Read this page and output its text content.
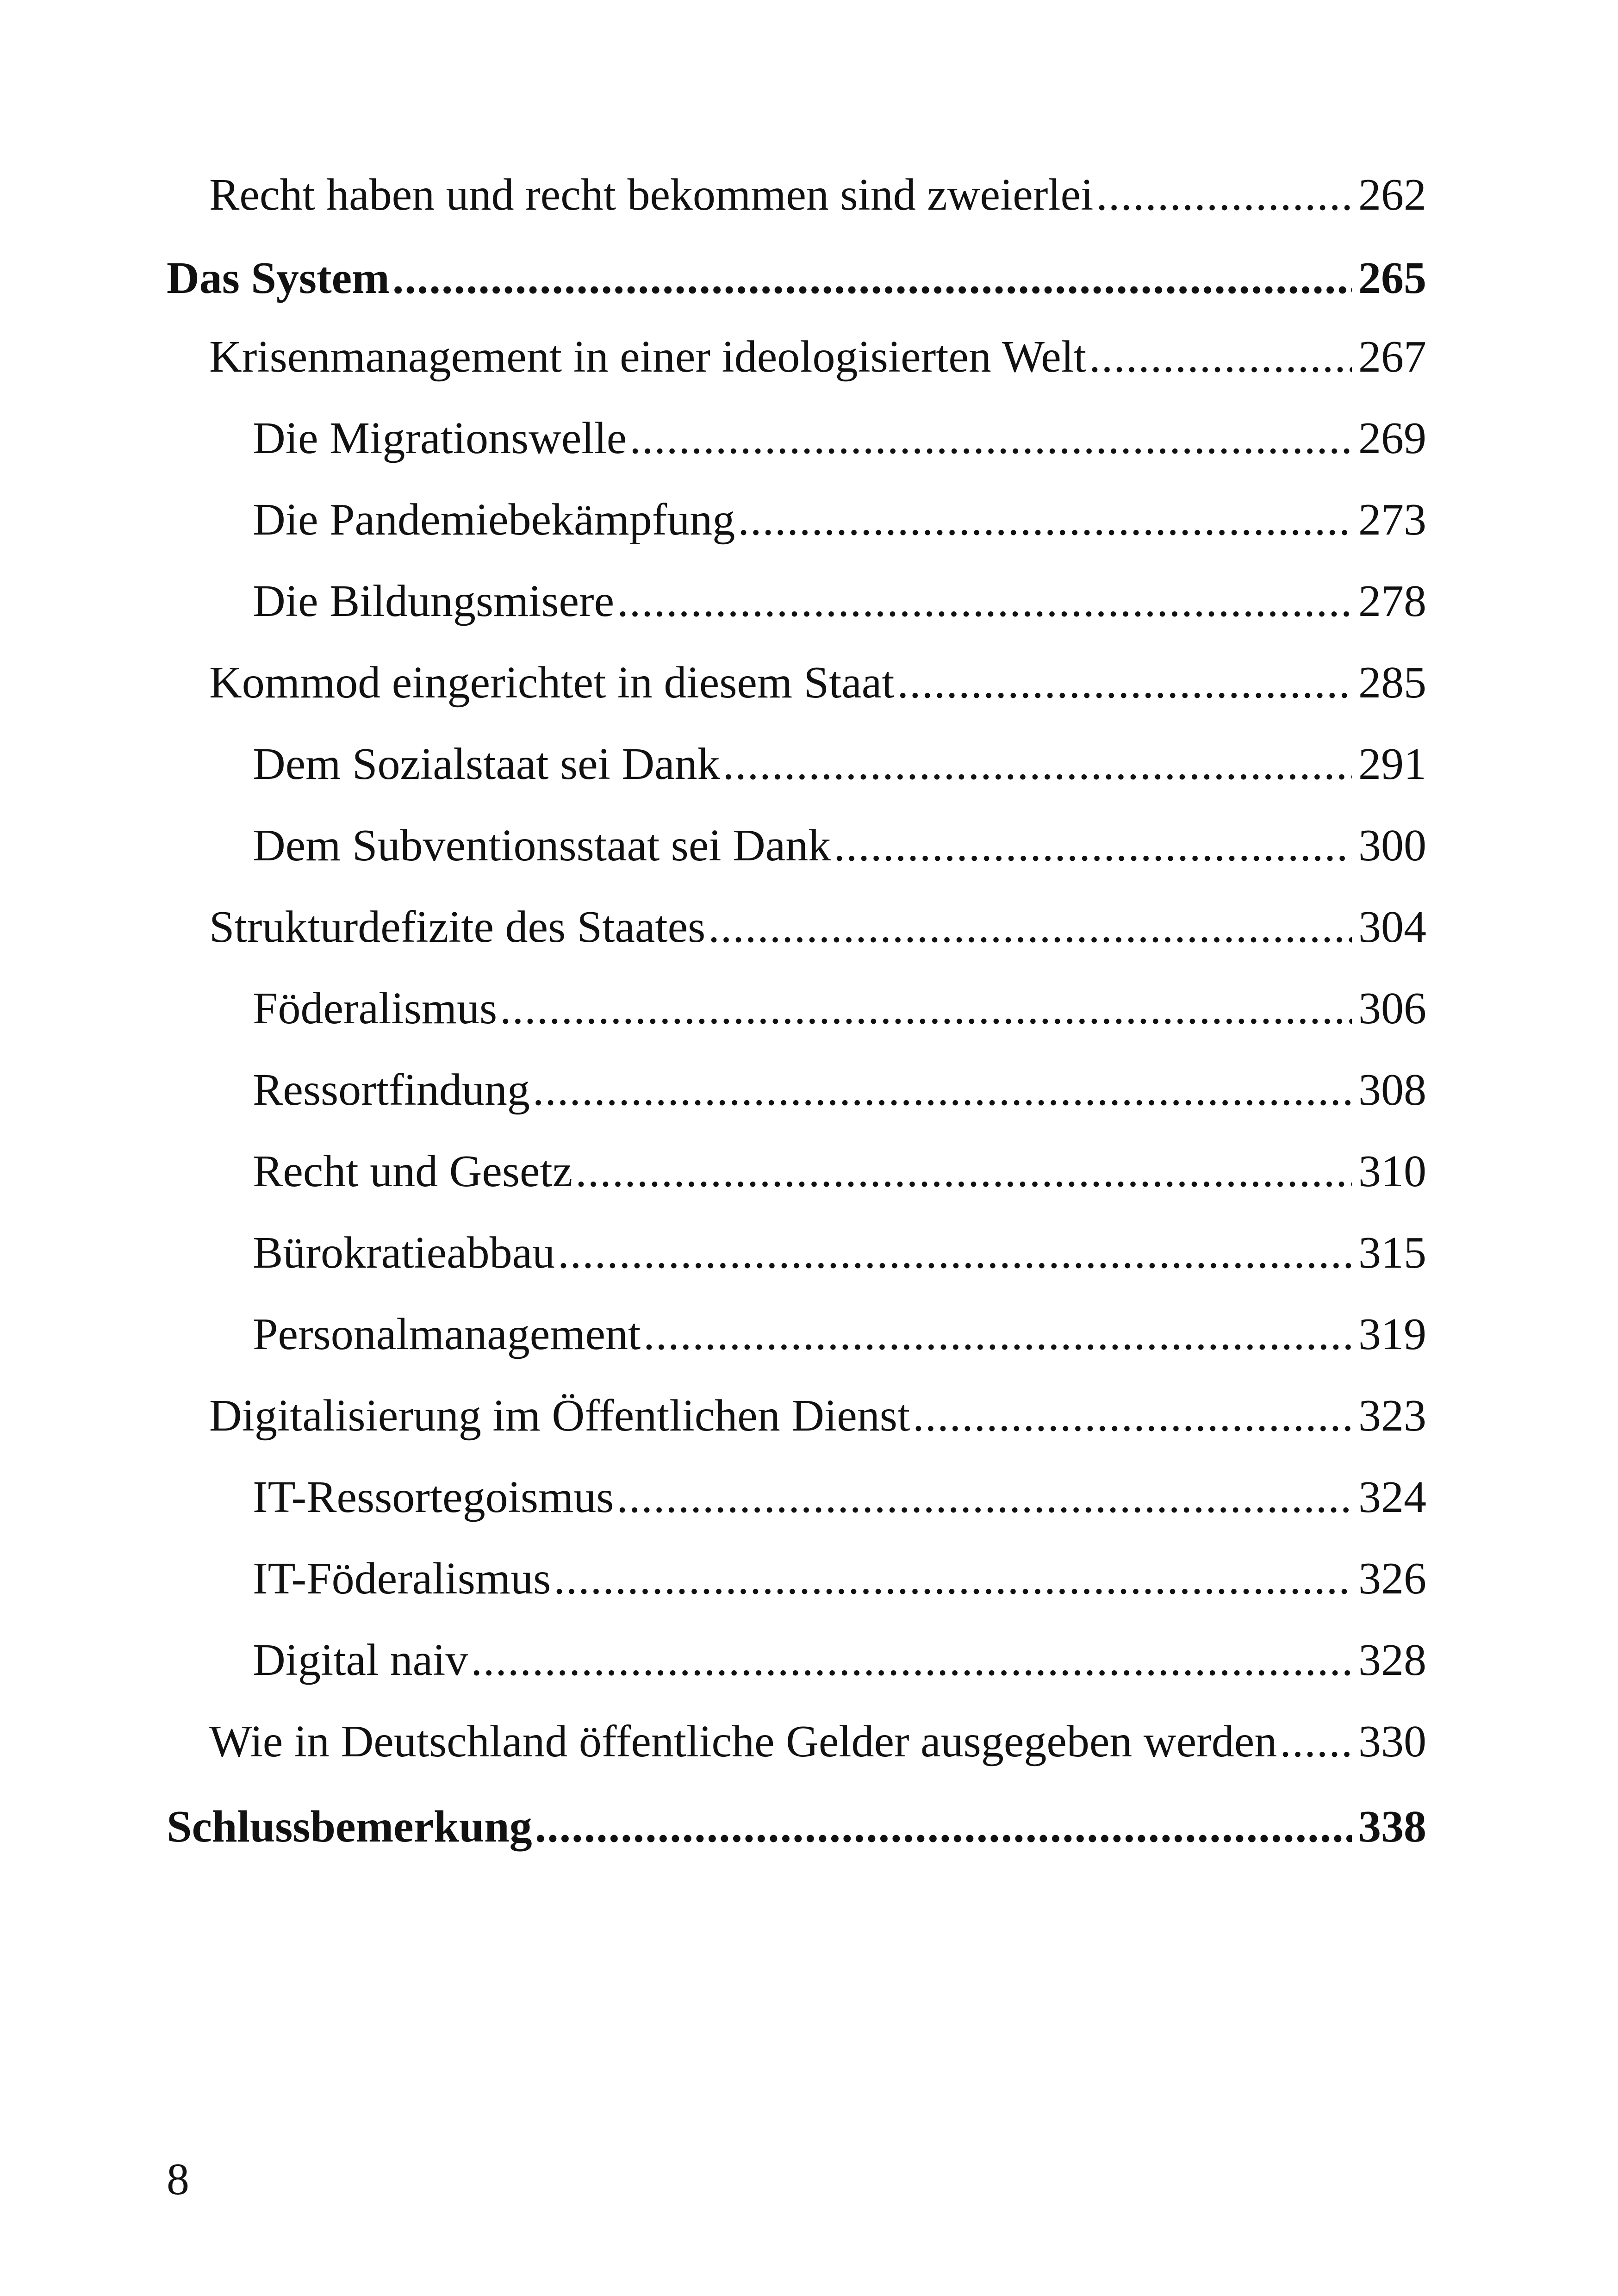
Recht haben und recht bekommen sind zweierlei .....	262
Das System .....	265
Krisenmanagement in einer ideologisierten Welt .....	267
Die Migrationswelle .....	269
Die Pandemiebekämpfung .....	273
Die Bildungsmisere .....	278
Kommod eingerichtet in diesem Staat .....	285
Dem Sozialstaat sei Dank .....	291
Dem Subventionsstaat sei Dank .....	300
Strukturdefizite des Staates .....	304
Föderalismus .....	306
Ressortfindung .....	308
Recht und Gesetz .....	310
Bürokratieabbau .....	315
Personalmanagement .....	319
Digitalisierung im Öffentlichen Dienst .....	323
IT-Ressortegoismus .....	324
IT-Föderalismus .....	326
Digital naiv .....	328
Wie in Deutschland öffentliche Gelder ausgegeben werden ..... 330
Schlussbemerkung .....	338
8
